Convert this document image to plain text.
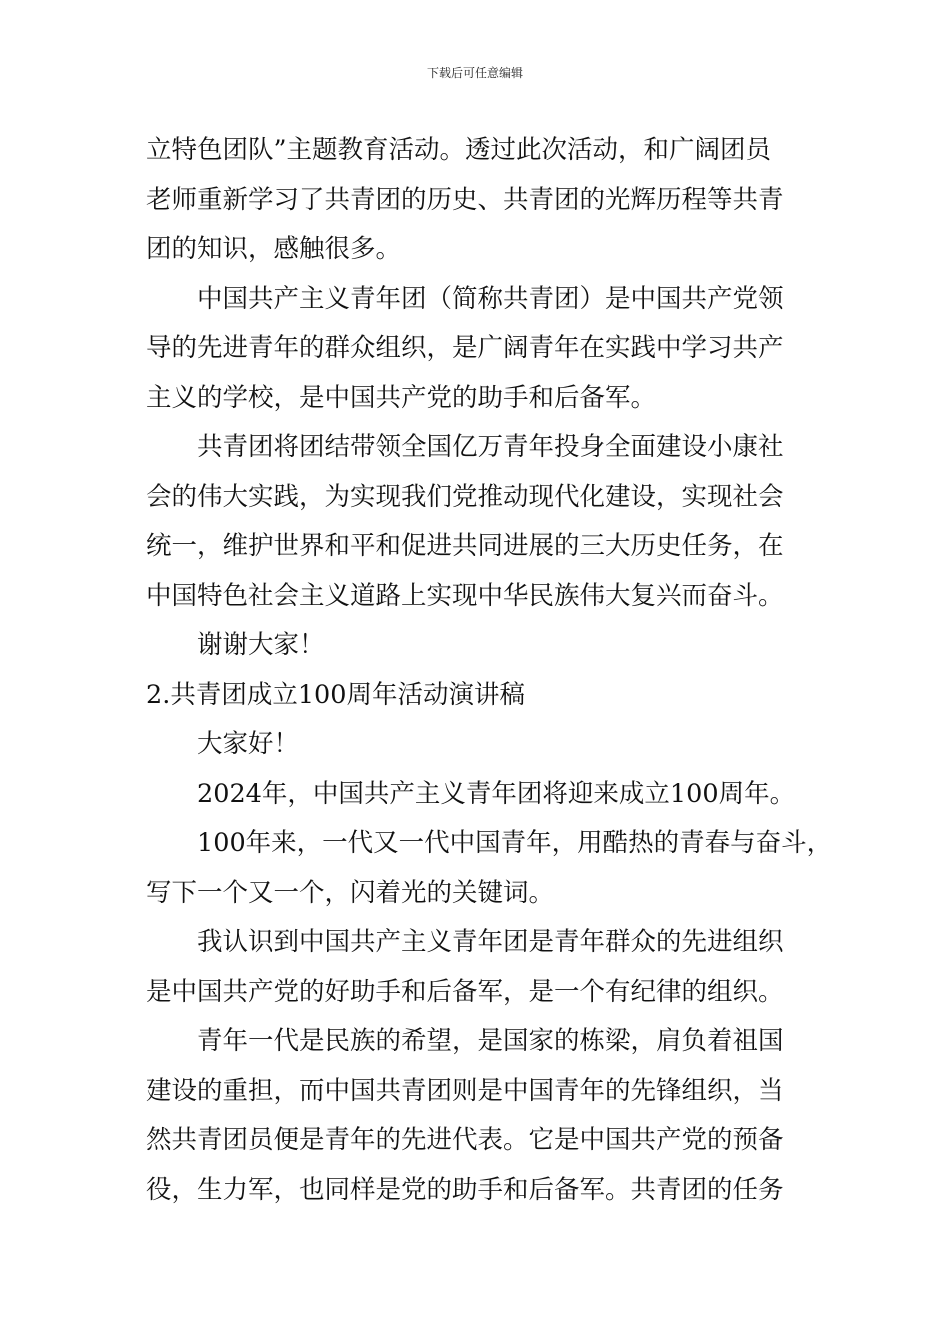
下载后可任意编辑
立特色团队”主题教育活动。透过此次活动，和广阔团员
老师重新学习了共青团的历史、共青团的光辉历程等共青
团的知识，感触很多。
中国共产主义青年团（简称共青团）是中国共产党领
导的先进青年的群众组织，是广阔青年在实践中学习共产
主义的学校，是中国共产党的助手和后备军。
共青团将团结带领全国亿万青年投身全面建设小康社
会的伟大实践，为实现我们党推动现代化建设，实现社会
统一，维护世界和平和促进共同进展的三大历史任务，在
中国特色社会主义道路上实现中华民族伟大复兴而奋斗。
谢谢大家！
2.共青团成立100周年活动演讲稿
大家好！
2024年，中国共产主义青年团将迎来成立100周年。
100年来，一代又一代中国青年，用酷热的青春与奋斗，
写下一个又一个，闪着光的关键词。
我认识到中国共产主义青年团是青年群众的先进组织
是中国共产党的好助手和后备军，是一个有纪律的组织。
青年一代是民族的希望，是国家的栋梁，肩负着祖国
建设的重担，而中国共青团则是中国青年的先锋组织，当
然共青团员便是青年的先进代表。它是中国共产党的预备
役，生力军，也同样是党的助手和后备军。共青团的任务
